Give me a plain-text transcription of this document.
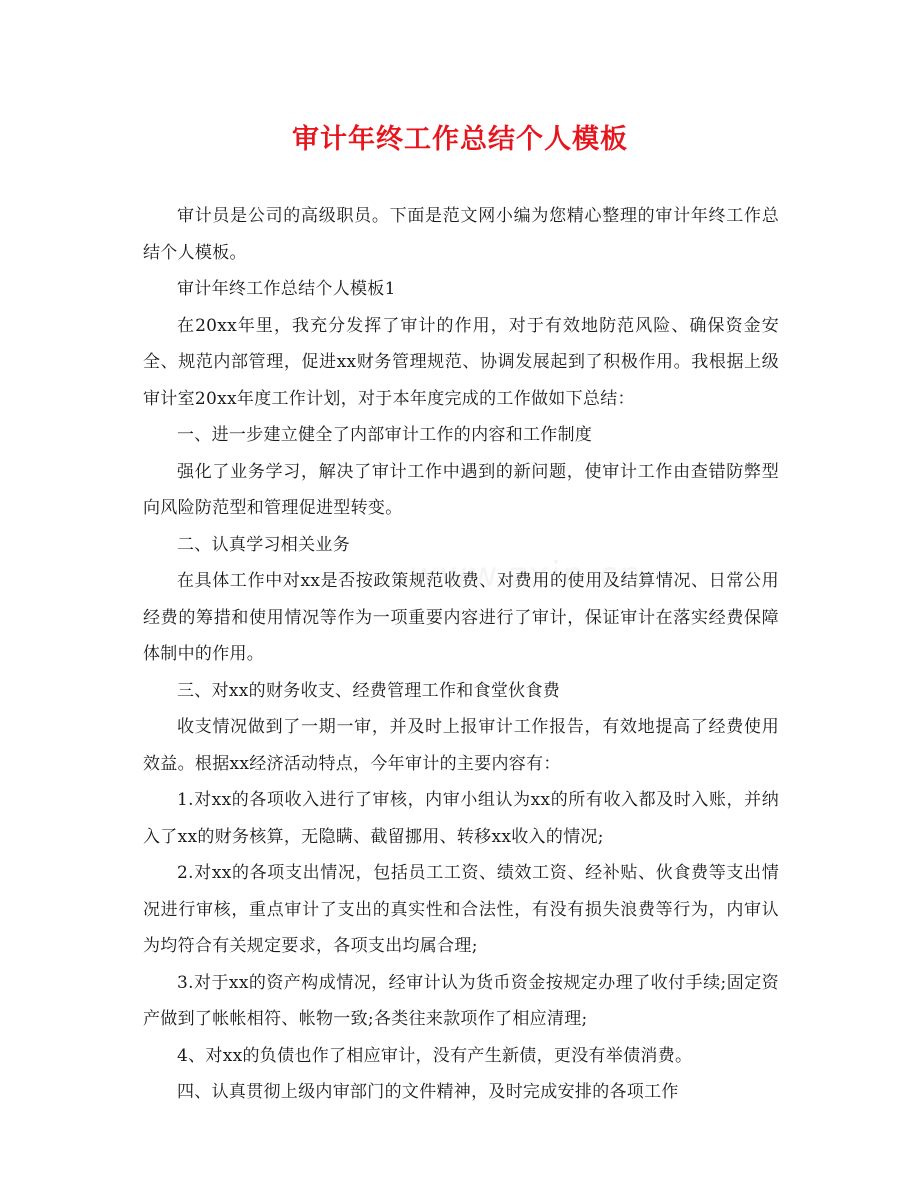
审计年终工作总结个人模板

审计员是公司的高级职员。下面是范文网小编为您精心整理的审计年终工作总结个人模板。

审计年终工作总结个人模板1

在20xx年里，我充分发挥了审计的作用，对于有效地防范风险、确保资金安全、规范内部管理，促进xx财务管理规范、协调发展起到了积极作用。我根据上级审计室20xx年度工作计划，对于本年度完成的工作做如下总结：

一、进一步建立健全了内部审计工作的内容和工作制度

强化了业务学习，解决了审计工作中遇到的新问题，使审计工作由查错防弊型向风险防范型和管理促进型转变。

二、认真学习相关业务

在具体工作中对xx是否按政策规范收费、对费用的使用及结算情况、日常公用经费的筹措和使用情况等作为一项重要内容进行了审计，保证审计在落实经费保障体制中的作用。

三、对xx的财务收支、经费管理工作和食堂伙食费

收支情况做到了一期一审，并及时上报审计工作报告，有效地提高了经费使用效益。根据xx经济活动特点，今年审计的主要内容有：

1.对xx的各项收入进行了审核，内审小组认为xx的所有收入都及时入账，并纳入了xx的财务核算，无隐瞒、截留挪用、转移xx收入的情况;

2.对xx的各项支出情况，包括员工工资、绩效工资、经补贴、伙食费等支出情况进行审核，重点审计了支出的真实性和合法性，有没有损失浪费等行为，内审认为均符合有关规定要求，各项支出均属合理;

3.对于xx的资产构成情况，经审计认为货币资金按规定办理了收付手续;固定资产做到了帐帐相符、帐物一致;各类往来款项作了相应清理;

4、对xx的负债也作了相应审计，没有产生新债，更没有举债消费。

四、认真贯彻上级内审部门的文件精神，及时完成安排的各项工作
